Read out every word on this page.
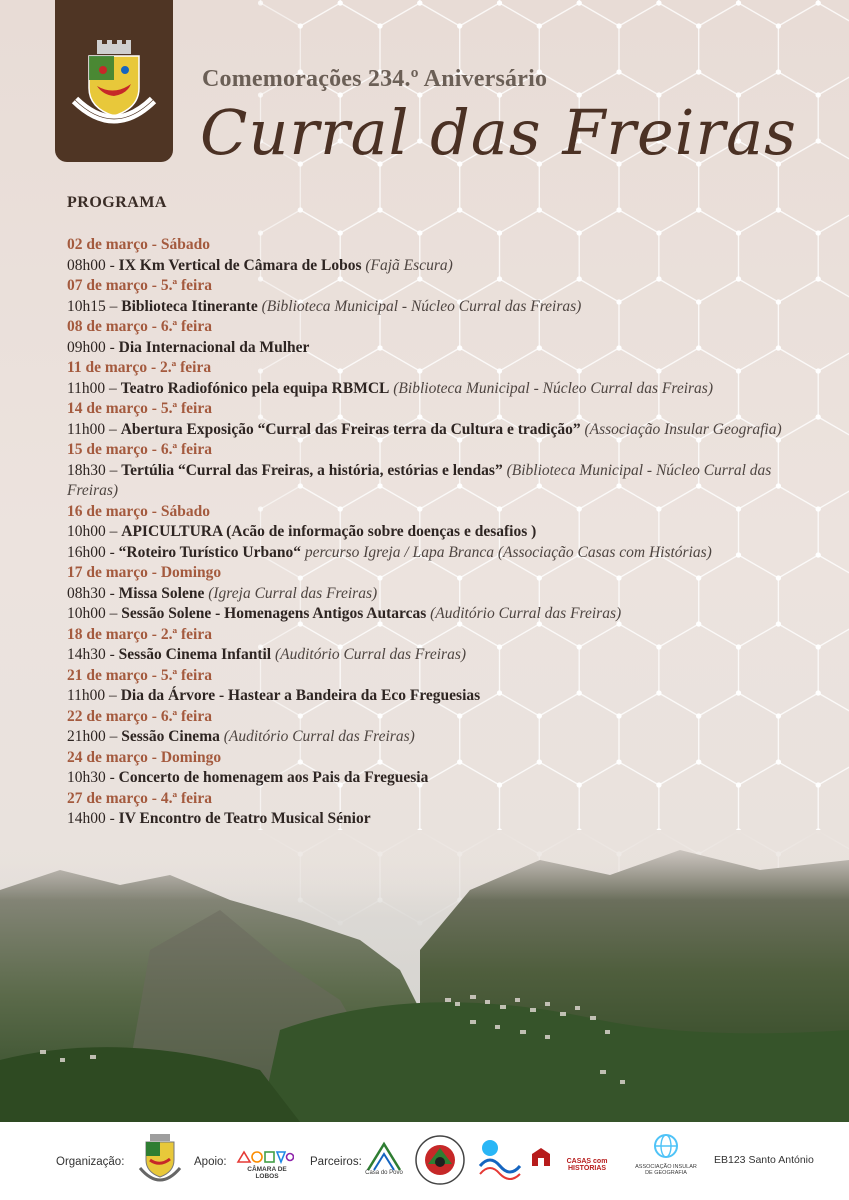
Comemorações 234.º Aniversário
Curral das Freiras
PROGRAMA
02 de março - Sábado
08h00 - IX Km Vertical de Câmara de Lobos (Fajã Escura)
07 de março - 5.ª feira
10h15 – Biblioteca Itinerante (Biblioteca Municipal - Núcleo Curral das Freiras)
08 de março - 6.ª feira
09h00 - Dia Internacional da Mulher
11 de março - 2.ª feira
11h00 – Teatro Radiofónico pela equipa RBMCL (Biblioteca Municipal - Núcleo Curral das Freiras)
14 de março - 5.ª feira
11h00 – Abertura Exposição “Curral das Freiras terra da Cultura e tradição” (Associação Insular Geografia)
15 de março - 6.ª feira
18h30 – Tertúlia “Curral das Freiras, a história, estórias e lendas” (Biblioteca Municipal - Núcleo Curral das Freiras)
16 de março - Sábado
10h00 – APICULTURA (Acão de informação sobre doenças e desafios )
16h00 - “Roteiro Turístico Urbano“ percurso Igreja / Lapa Branca (Associação Casas com Histórias)
17 de março - Domingo
08h30 - Missa Solene (Igreja Curral das Freiras)
10h00 – Sessão Solene - Homenagens Antigos Autarcas (Auditório Curral das Freiras)
18 de março - 2.ª feira
14h30 - Sessão Cinema Infantil (Auditório Curral das Freiras)
21 de março - 5.ª feira
11h00 – Dia da Árvore - Hastear a Bandeira da Eco Freguesias
22 de março - 6.ª feira
21h00 – Sessão Cinema (Auditório Curral das Freiras)
24 de março - Domingo
10h30 - Concerto de homenagem aos Pais da Freguesia
27 de março - 4.ª feira
14h00 - IV Encontro de Teatro Musical Sénior
Organização:	Apoio:
CÂMARA DE LOBOS
Parceiros:
Casa do Povo
CASAS com HISTÓRIAS	ASSOCIAÇÃO INSULAR DE GEOGRAFIA
EB123 Santo António
